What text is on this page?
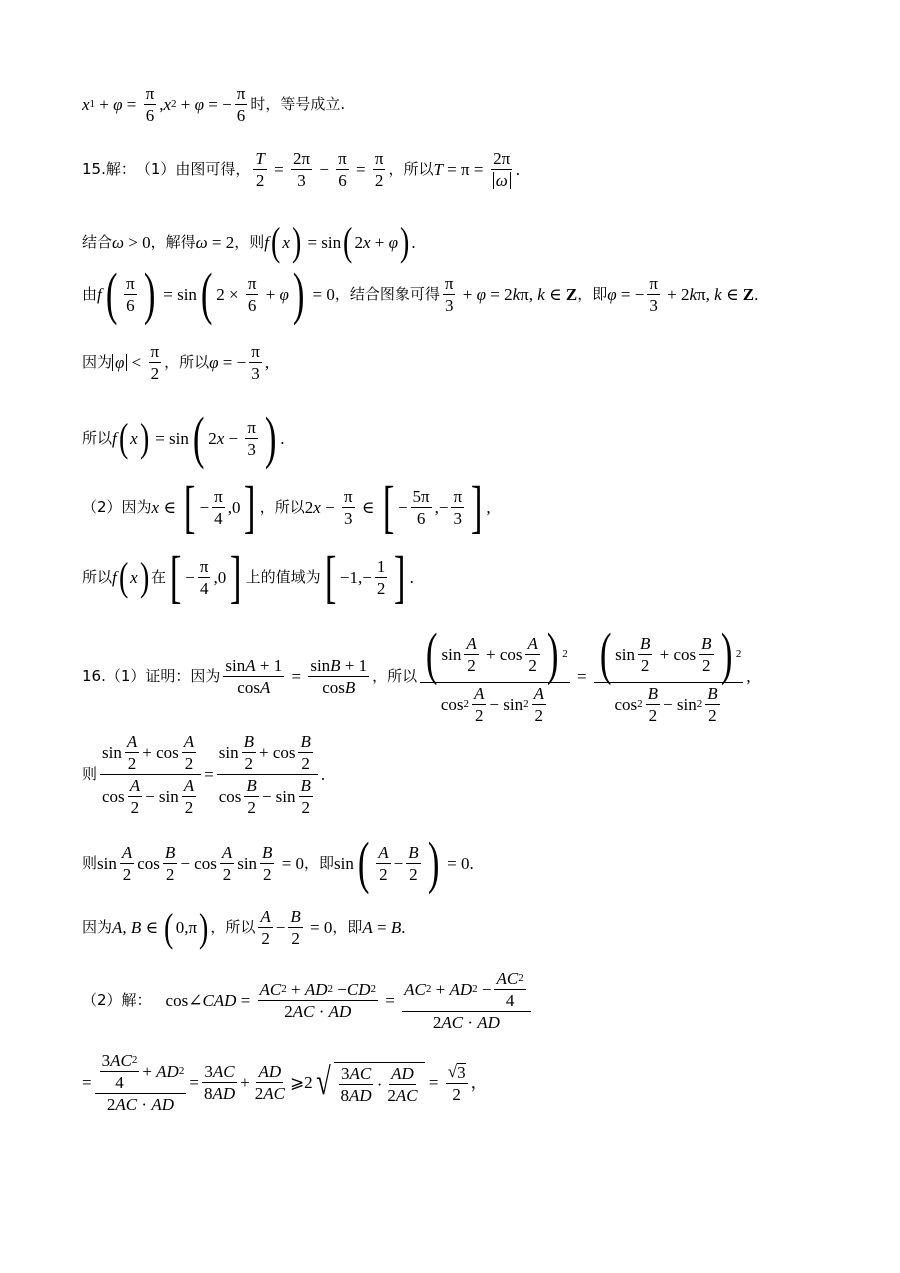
x $1 + \varphi = \frac{\pi}{6}$ , x 2 + φ = − $\frac{\pi}{6}$ 时，等号成立.
15.解： （1）由图可得， $\frac{T}{2} = \frac{2\pi}{3} - \frac{\pi}{6} = \frac{\pi}{2}$ ，所以 $T = \pi = \frac{2\pi}{\omega}$ .
结合 ω > 0 ，解得 ω = 2 ，则 f ( x ) = sin ( 2 x + φ ) .
由 f ( $\frac{\pi}{6}$ ) = sin ( $2 \times \frac{\pi}{6} + \varphi$ ) = 0 ，结合图象可得 $\frac{\pi}{3} + \varphi = 2$ k π, k ∈ Z ，即 φ = − $\frac{\pi}{3} + 2$ k π, k ∈ Z .
因为 $\varphi < \frac{\pi}{2}$ ，所以 φ = − $\frac{\pi}{3}$ ,
所以 f ( x ) = sin ( 2 $x - \frac{\pi}{3}$ ) .
（2）因为 x ∈ [ − $\frac{\pi}{4} ,0$ ] ，所以 2 $x - \frac{\pi}{3}$ ∈ [ − $\frac{5\pi}{6}$ ,− $\frac{\pi}{3}$ ] ,
所以 f ( x ) 在 [ − $\frac{\pi}{4} ,0$ ] 上的值域为 [ $-1,- \frac{1}{2}$ ] .
16.（1）证明：因为 $\frac{\text{sin A + 1}}{\text{cos A}} = \frac{\text{sin B + 1}}{\text{cos B}}$ ，所以 $\frac{( \sin \frac{A}{2} + \cos \frac{A}{2} ) 2}{\cos 2 \frac{A}{2} - \sin 2 \frac{A}{2}} = \frac{( \sin \frac{B}{2} + \cos \frac{B}{2} ) 2}{\cos 2 \frac{B}{2} - \sin 2 \frac{B}{2}}$ ,
则 $\frac{\sin \frac{A}{2} + \cos \frac{A}{2}}{\cos \frac{A}{2} - \sin \frac{A}{2}} = \frac{\sin \frac{B}{2} + \cos \frac{B}{2}}{\cos \frac{B}{2} - \sin \frac{B}{2}}$ .
则 $\sin \frac{A}{2}$ $\cos \frac{B}{2} - \cos \frac{A}{2}$ $\sin \frac{B}{2} = 0$ ，即 sin ( $\frac{A}{2} - \frac{B}{2}$ ) = 0.
因为 A , B ∈ ( 0,π ) ，所以 $\frac{A}{2} - \frac{B}{2} = 0$ ，即 A = B .
（2）解： cos∠ CAD = $\frac{AC 2 + AD 2 - CD 2}{2 AC \cdot AD} = \frac{AC 2 + AD 2 - \frac{AC 2}{4}}{2 AC \cdot AD}$
= $\frac{\frac{3 AC 2}{4} + AD 2}{2 AC \cdot AD} = \frac{3 AC}{8 AD} + \frac{AD}{2 AC}$ ⩾2 √ $\frac{3 AC}{8 AD} \cdot \frac{AD}{2 AC} = \frac{√ 3}{2}$ ，
